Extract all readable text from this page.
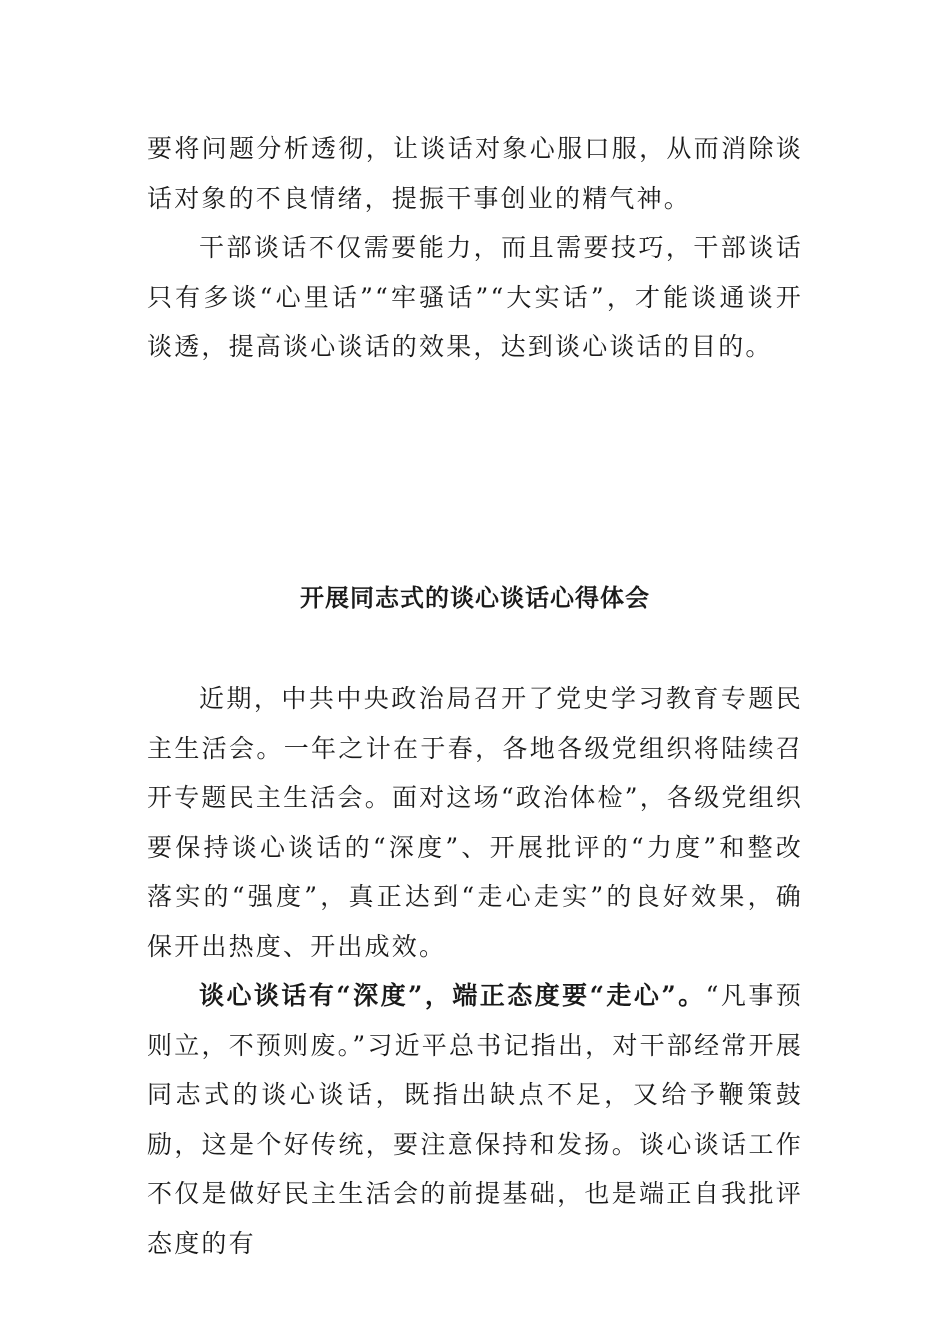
要将问题分析透彻，让谈话对象心服口服，从而消除谈话对象的不良情绪，提振干事创业的精气神。

干部谈话不仅需要能力，而且需要技巧，干部谈话只有多谈“心里话”“牢骚话”“大实话”，才能谈通谈开谈透，提高谈心谈话的效果，达到谈心谈话的目的。

开展同志式的谈心谈话心得体会

近期，中共中央政治局召开了党史学习教育专题民主生活会。一年之计在于春，各地各级党组织将陆续召开专题民主生活会。面对这场“政治体检”，各级党组织要保持谈心谈话的“深度”、开展批评的“力度”和整改落实的“强度”，真正达到“走心走实”的良好效果，确保开出热度、开出成效。

谈心谈话有“深度”，端正态度要“走心”。“凡事预则立，不预则废。”习近平总书记指出，对干部经常开展同志式的谈心谈话，既指出缺点不足，又给予鞭策鼓励，这是个好传统，要注意保持和发扬。谈心谈话工作不仅是做好民主生活会的前提基础，也是端正自我批评态度的有
